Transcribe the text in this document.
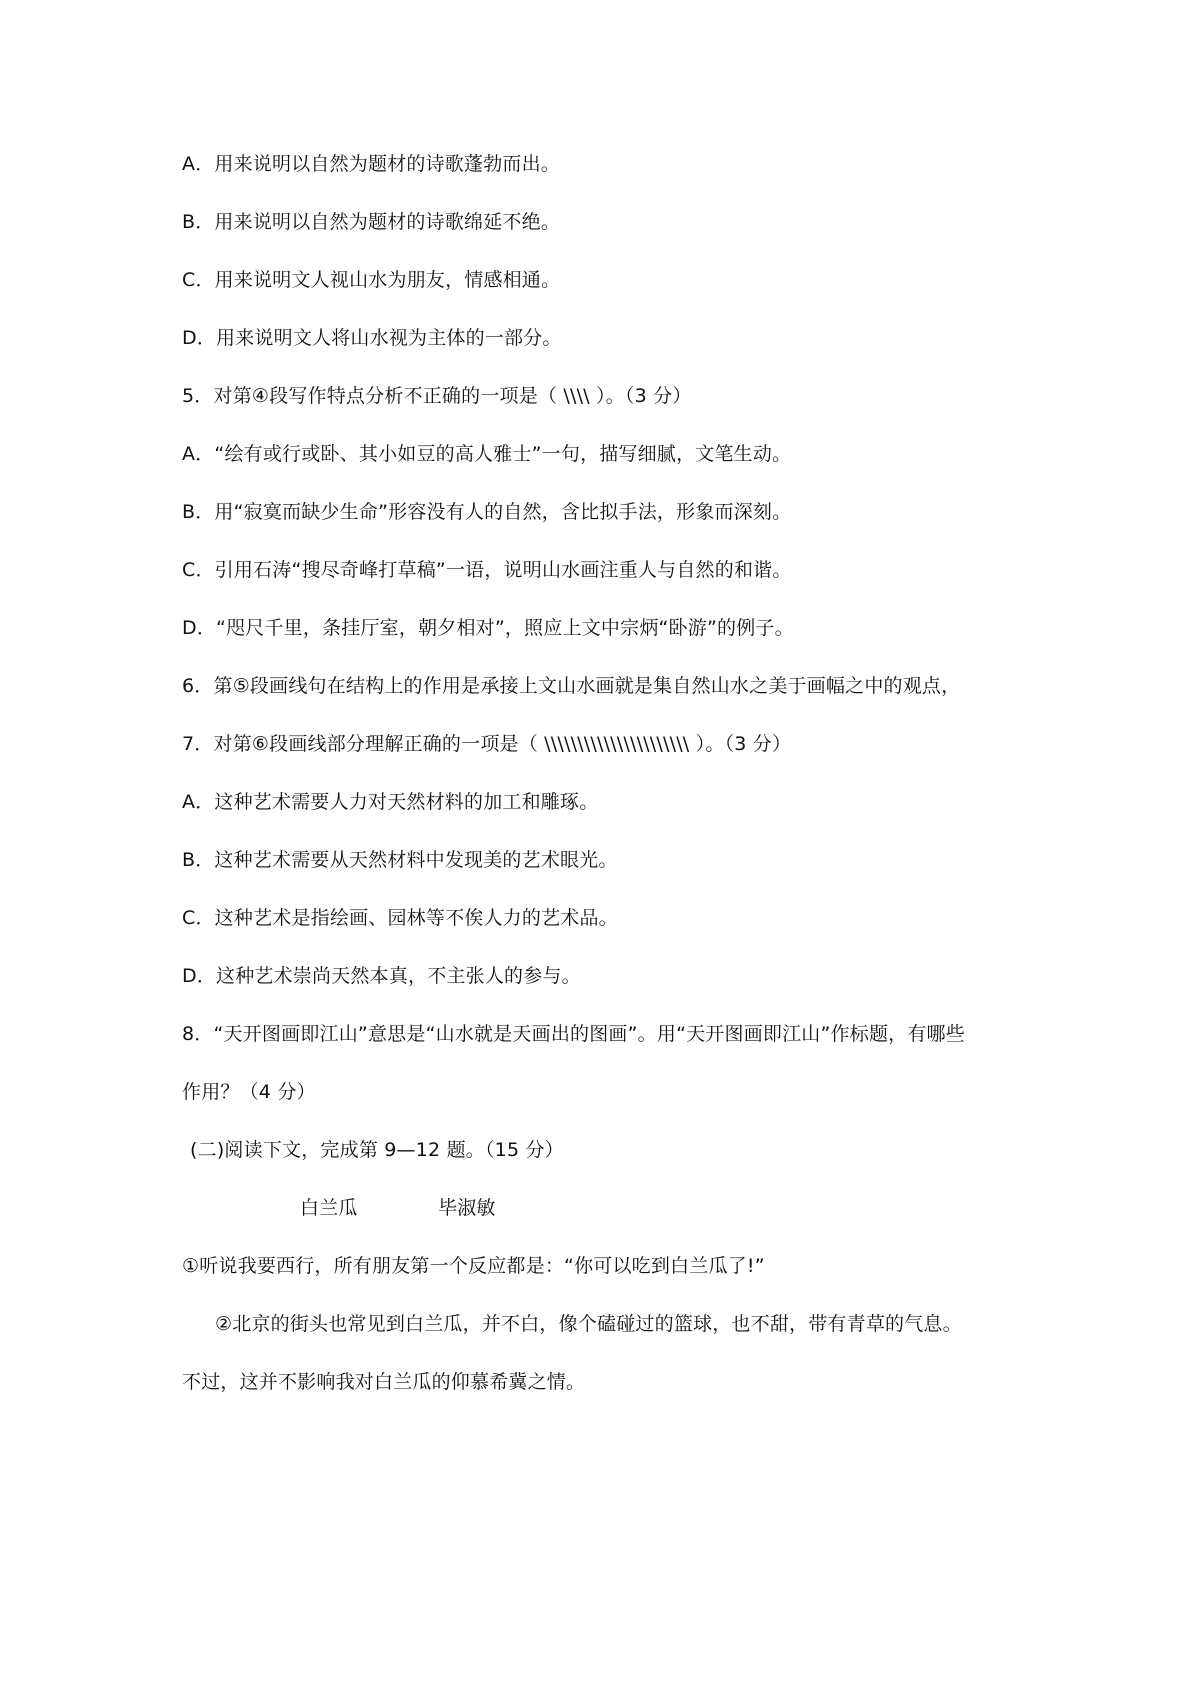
A．用来说明以自然为题材的诗歌蓬勃而出。
B．用来说明以自然为题材的诗歌绵延不绝。
C．用来说明文人视山水为朋友，情感相通。
D．用来说明文人将山水视为主体的一部分。
5．对第④段写作特点分析不正确的一项是（ \\\\ ）。（3 分）
A．“绘有或行或卧、其小如豆的高人雅士”一句，描写细腻，文笔生动。
B．用“寂寞而缺少生命”形容没有人的自然，含比拟手法，形象而深刻。
C．引用石涛“搜尽奇峰打草稿”一语，说明山水画注重人与自然的和谐。
D．“咫尺千里，条挂厅室，朝夕相对”，照应上文中宗炳“卧游”的例子。
6．第⑤段画线句在结构上的作用是承接上文山水画就是集自然山水之美于画幅之中的观点，
7．对第⑥段画线部分理解正确的一项是（ \\\\\\\\\\\\\\\\\\\\\\ ）。（3 分）
A．这种艺术需要人力对天然材料的加工和雕琢。
B．这种艺术需要从天然材料中发现美的艺术眼光。
C．这种艺术是指绘画、园林等不俟人力的艺术品。
D．这种艺术崇尚天然本真，不主张人的参与。
8．“天开图画即江山”意思是“山水就是天画出的图画”。用“天开图画即江山”作标题，有哪些
作用？（4 分）
(二)阅读下文，完成第 9—12 题。（15 分）
白兰瓜	毕淑敏
①听说我要西行，所有朋友第一个反应都是：“你可以吃到白兰瓜了!”
②北京的街头也常见到白兰瓜，并不白，像个磕碰过的篮球，也不甜，带有青草的气息。
不过，这并不影响我对白兰瓜的仰慕希冀之情。
